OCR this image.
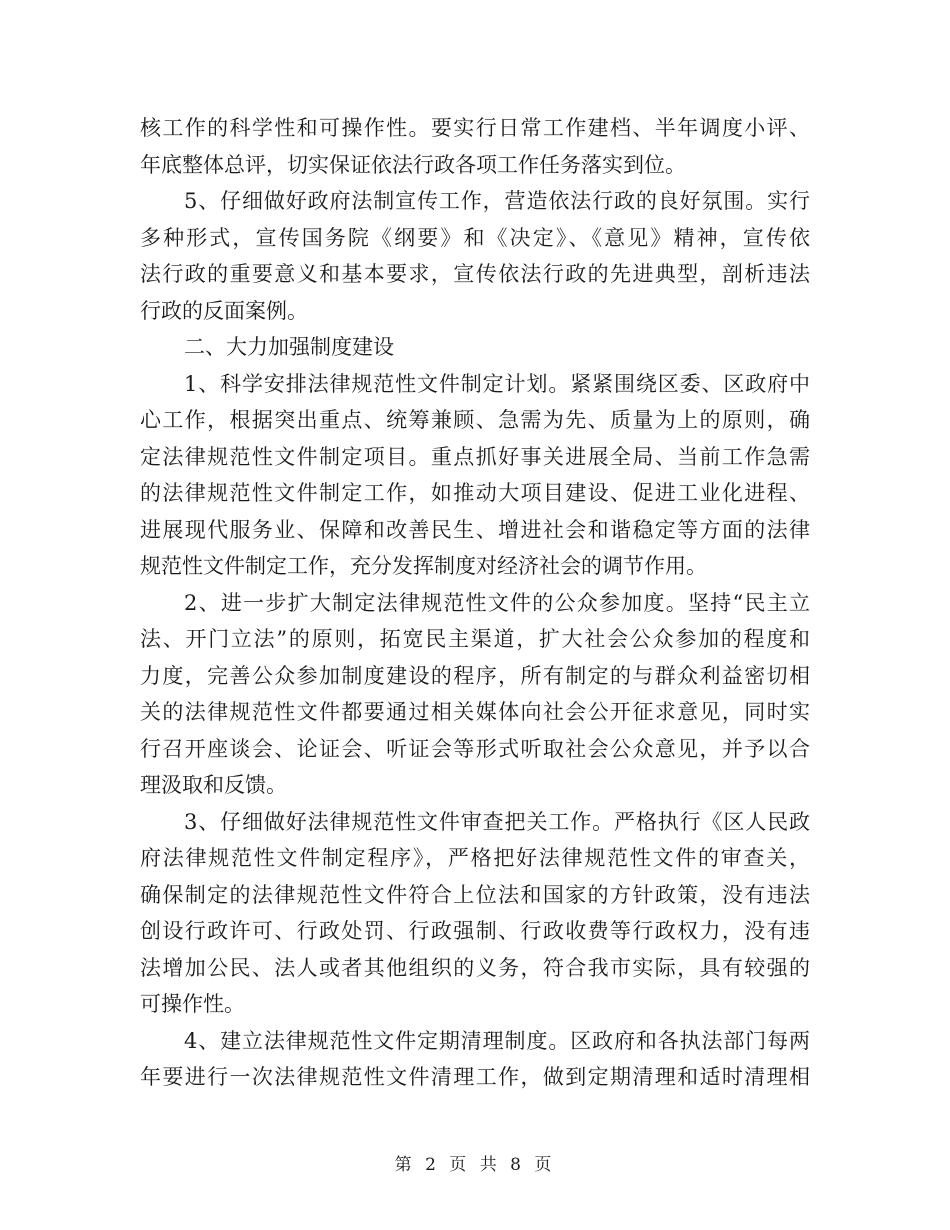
核工作的科学性和可操作性。要实行日常工作建档、半年调度小评、
年底整体总评，切实保证依法行政各项工作任务落实到位。
5、仔细做好政府法制宣传工作，营造依法行政的良好氛围。实行
多种形式，宣传国务院《纲要》和《决定》、《意见》精神，宣传依
法行政的重要意义和基本要求，宣传依法行政的先进典型，剖析违法
行政的反面案例。
二、大力加强制度建设
1、科学安排法律规范性文件制定计划。紧紧围绕区委、区政府中
心工作，根据突出重点、统筹兼顾、急需为先、质量为上的原则，确
定法律规范性文件制定项目。重点抓好事关进展全局、当前工作急需
的法律规范性文件制定工作，如推动大项目建设、促进工业化进程、
进展现代服务业、保障和改善民生、增进社会和谐稳定等方面的法律
规范性文件制定工作，充分发挥制度对经济社会的调节作用。
2、进一步扩大制定法律规范性文件的公众参加度。坚持“民主立
法、开门立法”的原则，拓宽民主渠道，扩大社会公众参加的程度和
力度，完善公众参加制度建设的程序，所有制定的与群众利益密切相
关的法律规范性文件都要通过相关媒体向社会公开征求意见，同时实
行召开座谈会、论证会、听证会等形式听取社会公众意见，并予以合
理汲取和反馈。
3、仔细做好法律规范性文件审查把关工作。严格执行《区人民政
府法律规范性文件制定程序》，严格把好法律规范性文件的审查关，
确保制定的法律规范性文件符合上位法和国家的方针政策，没有违法
创设行政许可、行政处罚、行政强制、行政收费等行政权力，没有违
法增加公民、法人或者其他组织的义务，符合我市实际，具有较强的
可操作性。
4、建立法律规范性文件定期清理制度。区政府和各执法部门每两
年要进行一次法律规范性文件清理工作，做到定期清理和适时清理相
第 2 页 共 8 页
